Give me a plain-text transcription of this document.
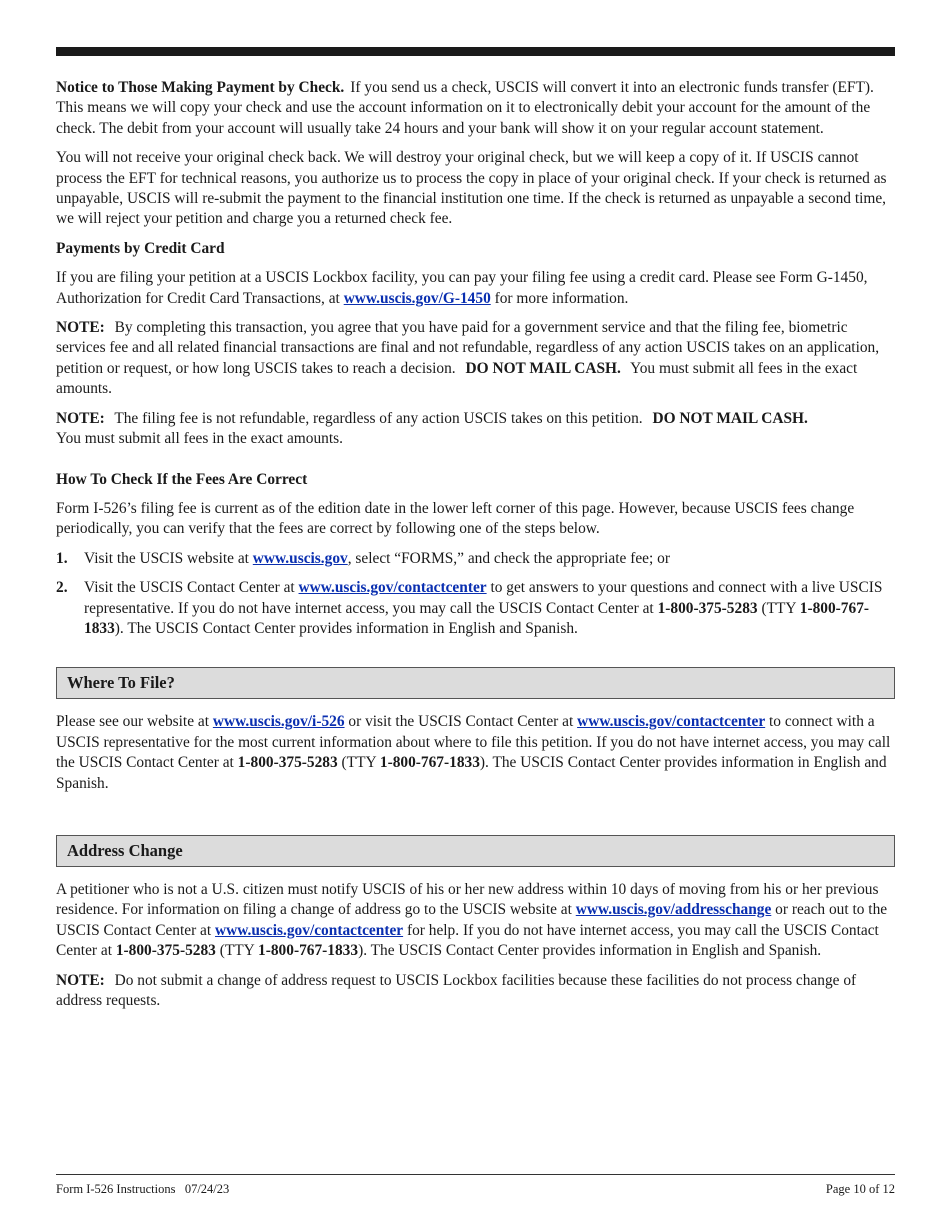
Notice to Those Making Payment by Check. If you send us a check, USCIS will convert it into an electronic funds transfer (EFT). This means we will copy your check and use the account information on it to electronically debit your account for the amount of the check. The debit from your account will usually take 24 hours and your bank will show it on your regular account statement.

You will not receive your original check back. We will destroy your original check, but we will keep a copy of it. If USCIS cannot process the EFT for technical reasons, you authorize us to process the copy in place of your original check. If your check is returned as unpayable, USCIS will re-submit the payment to the financial institution one time. If the check is returned as unpayable a second time, we will reject your petition and charge you a returned check fee.

Payments by Credit Card

If you are filing your petition at a USCIS Lockbox facility, you can pay your filing fee using a credit card. Please see Form G-1450, Authorization for Credit Card Transactions, at www.uscis.gov/G-1450 for more information.

NOTE: By completing this transaction, you agree that you have paid for a government service and that the filing fee, biometric services fee and all related financial transactions are final and not refundable, regardless of any action USCIS takes on an application, petition or request, or how long USCIS takes to reach a decision. DO NOT MAIL CASH. You must submit all fees in the exact amounts.

NOTE: The filing fee is not refundable, regardless of any action USCIS takes on this petition. DO NOT MAIL CASH.
You must submit all fees in the exact amounts.

How To Check If the Fees Are Correct

Form I-526’s filing fee is current as of the edition date in the lower left corner of this page. However, because USCIS fees change periodically, you can verify that the fees are correct by following one of the steps below.

1. Visit the USCIS website at www.uscis.gov, select “FORMS,” and check the appropriate fee; or
2. Visit the USCIS Contact Center at www.uscis.gov/contactcenter to get answers to your questions and connect with a live USCIS representative. If you do not have internet access, you may call the USCIS Contact Center at 1-800-375-5283 (TTY 1-800-767-1833). The USCIS Contact Center provides information in English and Spanish.
Where To File?

Please see our website at www.uscis.gov/i-526 or visit the USCIS Contact Center at www.uscis.gov/contactcenter to connect with a USCIS representative for the most current information about where to file this petition. If you do not have internet access, you may call the USCIS Contact Center at 1-800-375-5283 (TTY 1-800-767-1833). The USCIS Contact Center provides information in English and Spanish.

Address Change

A petitioner who is not a U.S. citizen must notify USCIS of his or her new address within 10 days of moving from his or her previous residence. For information on filing a change of address go to the USCIS website at www.uscis.gov/addresschange or reach out to the USCIS Contact Center at www.uscis.gov/contactcenter for help. If you do not have internet access, you may call the USCIS Contact Center at 1-800-375-5283 (TTY 1-800-767-1833). The USCIS Contact Center provides information in English and Spanish.

NOTE: Do not submit a change of address request to USCIS Lockbox facilities because these facilities do not process change of address requests.

Form I-526 Instructions 07/24/23	Page 10 of 12
